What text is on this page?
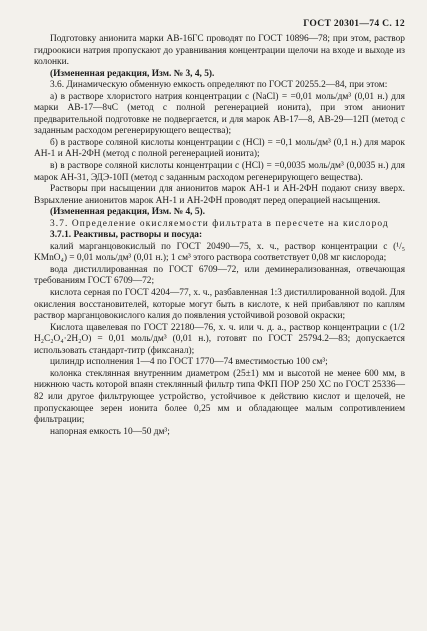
ГОСТ 20301—74 С. 12

Подготовку анионита марки АВ-16ГС проводят по ГОСТ 10896—78; при этом, раствор гидроокиси натрия пропускают до уравнивания концентрации щелочи на входе и выходе из колонки.

(Измененная редакция, Изм. № 3, 4, 5).

3.6. Динамическую обменную емкость определяют по ГОСТ 20255.2—84, при этом:

а) в растворе хлористого натрия концентрации c (NaCl) = =0,01 моль/дм³ (0,01 н.) для марки АВ-17—8чС (метод с полной регенерацией ионита), при этом анионит предварительной подготовке не подвергается, и для марок АВ-17—8, АВ-29—12П (метод с заданным расходом регенерирующего вещества);

б) в растворе соляной кислоты концентрации c (HCl) = =0,1 моль/дм³ (0,1 н.) для марок АН-1 и АН-2ФН (метод с полной регенерацией ионита);

в) в растворе соляной кислоты концентрации c (HCl) = =0,0035 моль/дм³ (0,0035 н.) для марок АН-31, ЭДЭ-10П (метод с заданным расходом регенерирующего вещества).

Растворы при насыщении для анионитов марок АН-1 и АН-2ФН подают снизу вверх. Взрыхление анионитов марок АН-1 и АН-2ФН проводят перед операцией насыщения.

(Измененная редакция, Изм. № 4, 5).

3.7. Определение окисляемости фильтрата в пересчете на кислород

3.7.1. Реактивы, растворы и посуда:

калий марганцовокислый по ГОСТ 20490—75, х. ч., раствор концентрации c (¹/₅ KMnO₄) = 0,01 моль/дм³ (0,01 н.); 1 см³ этого раствора соответствует 0,08 мг кислорода;

вода дистиллированная по ГОСТ 6709—72, или деминерализованная, отвечающая требованиям ГОСТ 6709—72;

кислота серная по ГОСТ 4204—77, х. ч., разбавленная 1:3 дистиллированной водой. Для окисления восстановителей, которые могут быть в кислоте, к ней прибавляют по каплям раствор марганцовокислого калия до появления устойчивой розовой окраски;

Кислота щавелевая по ГОСТ 22180—76, х. ч. или ч. д. а., раствор концентрации c (1/2 H₂C₂O₄·2H₂O) = 0,01 моль/дм³ (0,01 н.), готовят по ГОСТ 25794.2—83; допускается использовать стандарт-титр (фиксанал);

цилиндр исполнения 1—4 по ГОСТ 1770—74 вместимостью 100 см³;

колонка стеклянная внутренним диаметром (25±1) мм и высотой не менее 600 мм, в нижнюю часть которой впаян стеклянный фильтр типа ФКП ПОР 250 ХС по ГОСТ 25336—82 или другое фильтрующее устройство, устойчивое к действию кислот и щелочей, не пропускающее зерен ионита более 0,25 мм и обладающее малым сопротивлением фильтрации;

напорная емкость 10—50 дм³;
